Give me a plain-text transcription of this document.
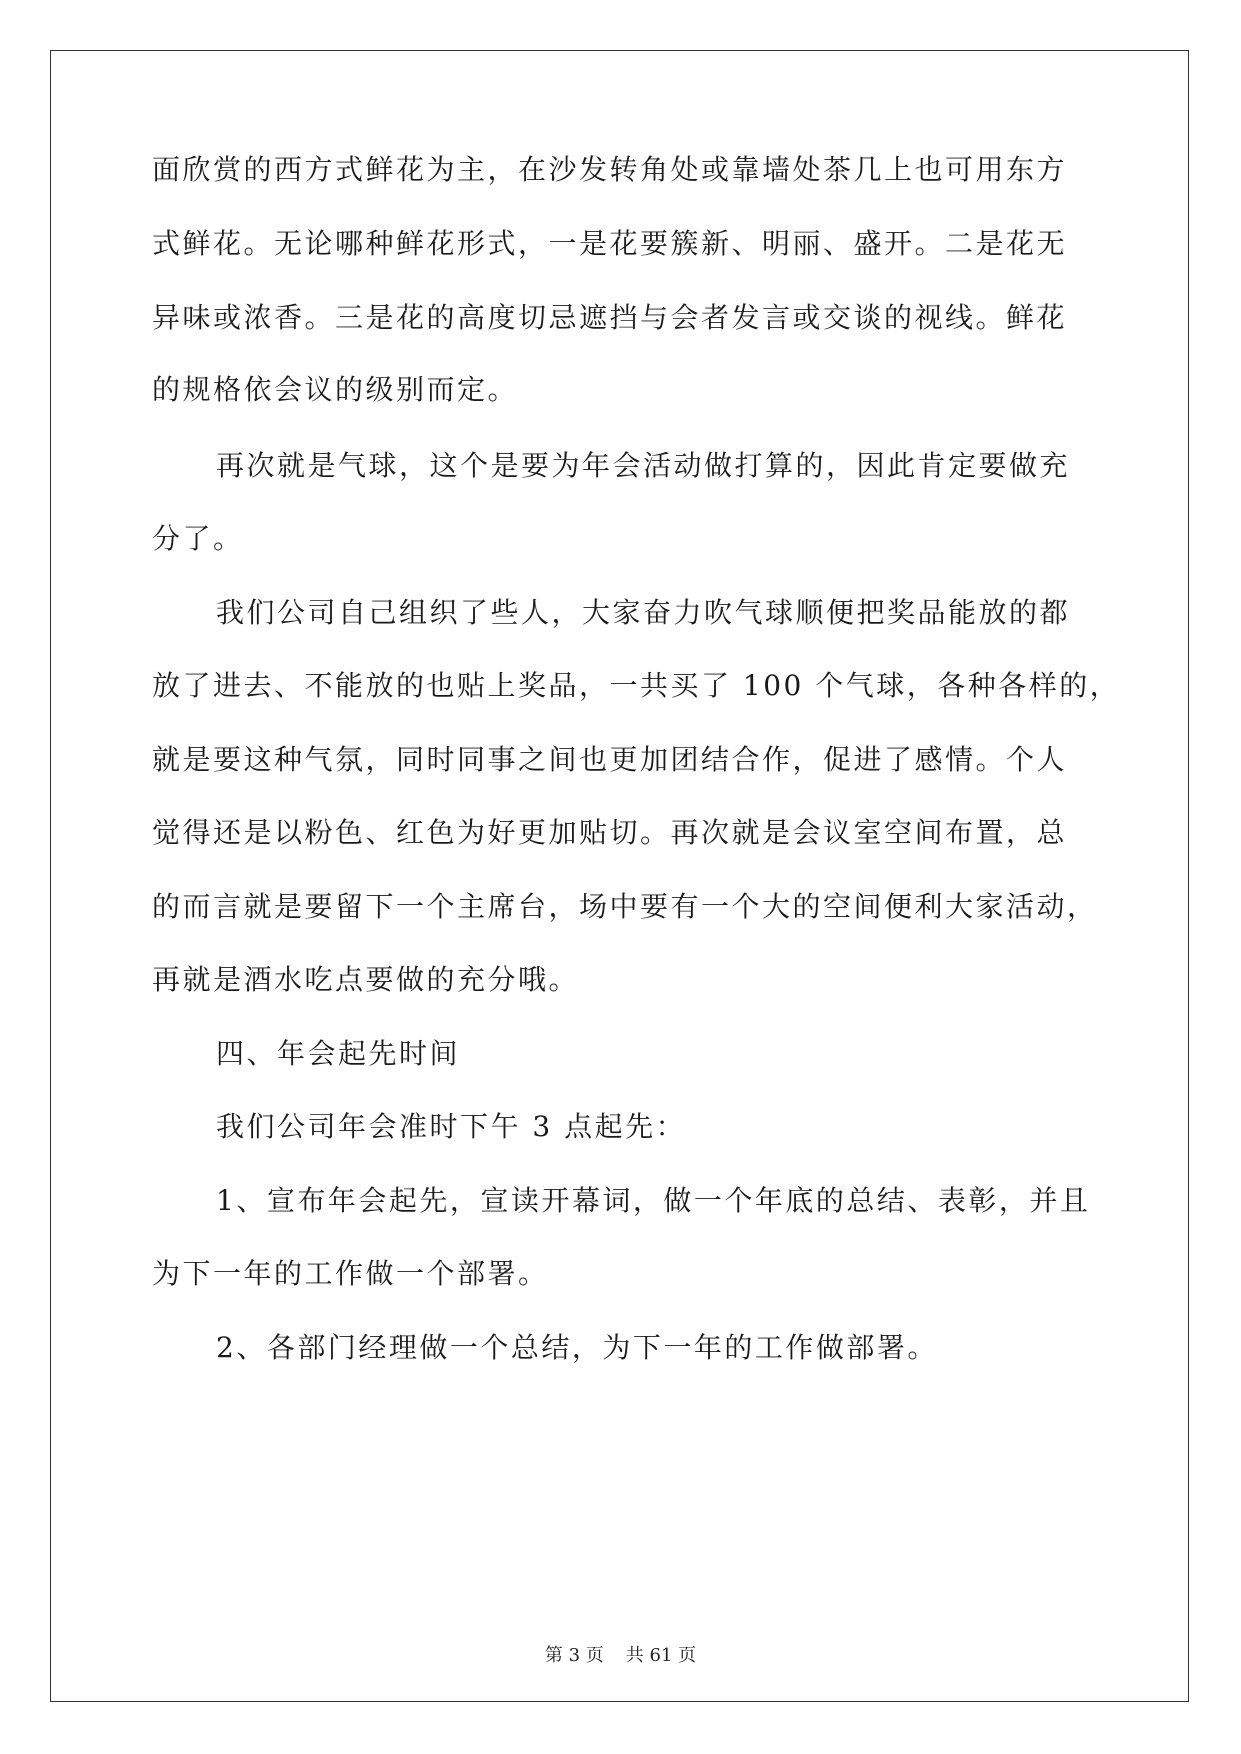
面欣赏的西方式鲜花为主，在沙发转角处或靠墙处茶几上也可用东方
式鲜花。无论哪种鲜花形式，一是花要簇新、明丽、盛开。二是花无
异味或浓香。三是花的高度切忌遮挡与会者发言或交谈的视线。鲜花
的规格依会议的级别而定。
再次就是气球，这个是要为年会活动做打算的，因此肯定要做充
分了。
我们公司自己组织了些人，大家奋力吹气球顺便把奖品能放的都
放了进去、不能放的也贴上奖品，一共买了 100 个气球，各种各样的，
就是要这种气氛，同时同事之间也更加团结合作，促进了感情。个人
觉得还是以粉色、红色为好更加贴切。再次就是会议室空间布置，总
的而言就是要留下一个主席台，场中要有一个大的空间便利大家活动，
再就是酒水吃点要做的充分哦。
四、年会起先时间
我们公司年会准时下午 3 点起先：
1、宣布年会起先，宣读开幕词，做一个年底的总结、表彰，并且
为下一年的工作做一个部署。
2、各部门经理做一个总结，为下一年的工作做部署。
第 3 页 共 61 页
